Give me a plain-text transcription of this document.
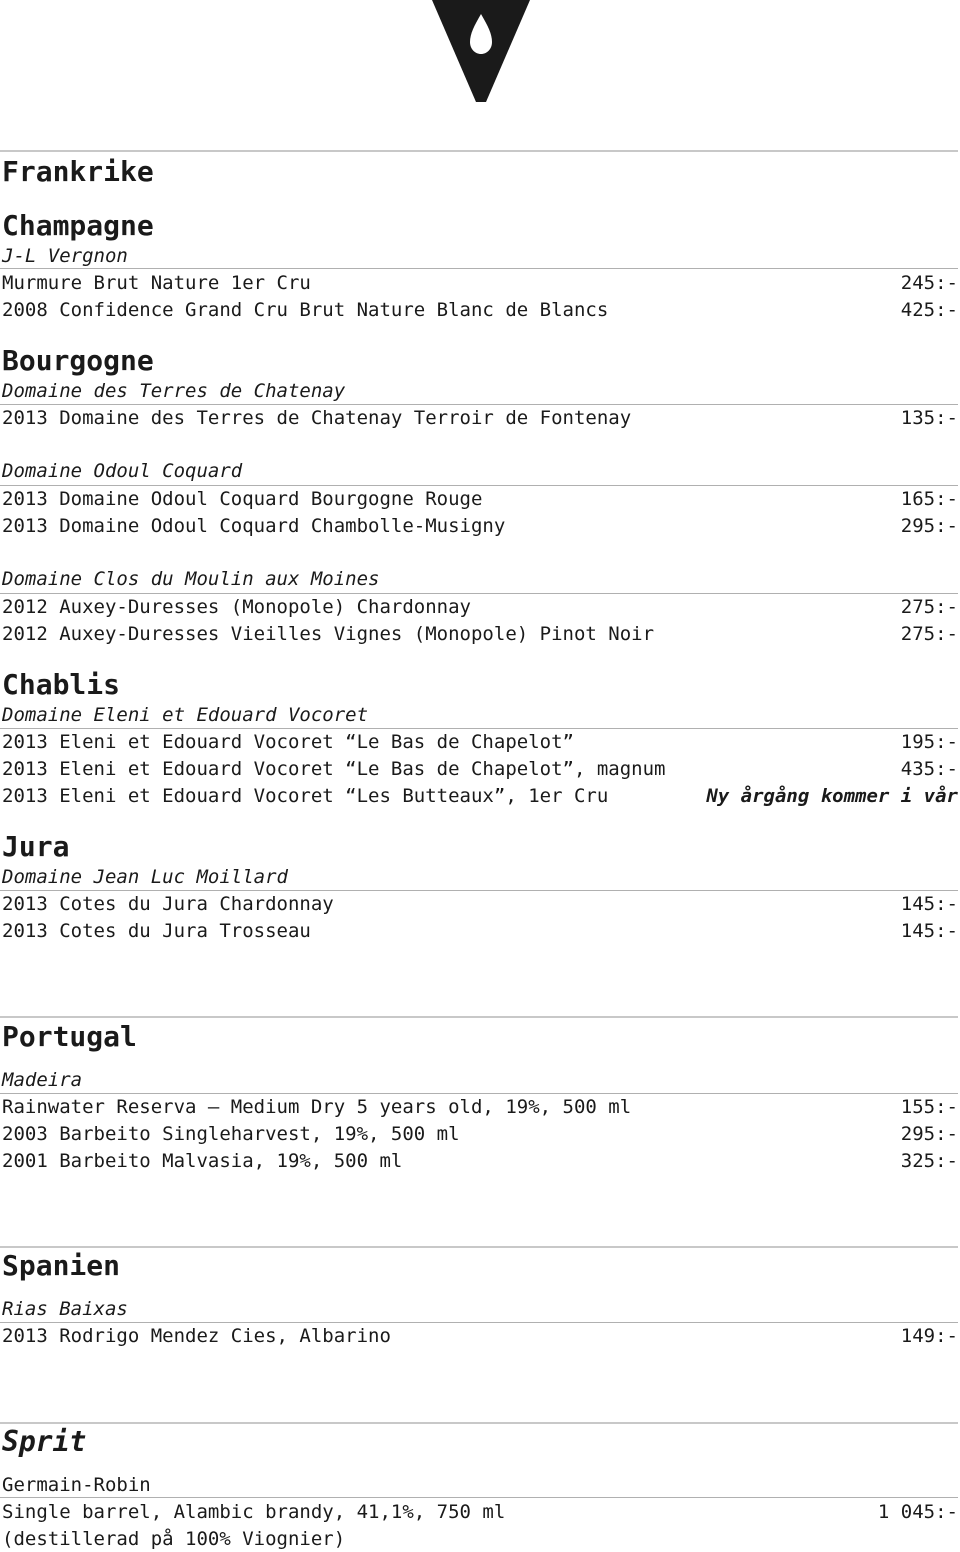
Frankrike
Champagne
J-L Vergnon
Murmure Brut Nature 1er Cru	245:-
2008 Confidence Grand Cru Brut Nature Blanc de Blancs	425:-
Bourgogne
Domaine des Terres de Chatenay
2013 Domaine des Terres de Chatenay Terroir de Fontenay	135:-
Domaine Odoul Coquard
2013 Domaine Odoul Coquard Bourgogne Rouge	165:-
2013 Domaine Odoul Coquard Chambolle-Musigny	295:-
Domaine Clos du Moulin aux Moines
2012 Auxey-Duresses (Monopole) Chardonnay	275:-
2012 Auxey-Duresses Vieilles Vignes (Monopole) Pinot Noir	275:-
Chablis
Domaine Eleni et Edouard Vocoret
2013 Eleni et Edouard Vocoret “Le Bas de Chapelot”	195:-
2013 Eleni et Edouard Vocoret “Le Bas de Chapelot”, magnum	435:-
2013 Eleni et Edouard Vocoret “Les Butteaux”, 1er Cru	Ny årgång kommer i vår
Jura
Domaine Jean Luc Moillard
2013 Cotes du Jura Chardonnay	145:-
2013 Cotes du Jura Trosseau	145:-
Portugal
Madeira
Rainwater Reserva – Medium Dry 5 years old, 19%, 500 ml	155:-
2003 Barbeito Singleharvest, 19%, 500 ml	295:-
2001 Barbeito Malvasia, 19%, 500 ml	325:-
Spanien
Rias Baixas
2013 Rodrigo Mendez Cies, Albarino	149:-
Sprit
Germain-Robin
Single barrel, Alambic brandy, 41,1%, 750 ml	1 045:-
(destillerad på 100% Viognier)
